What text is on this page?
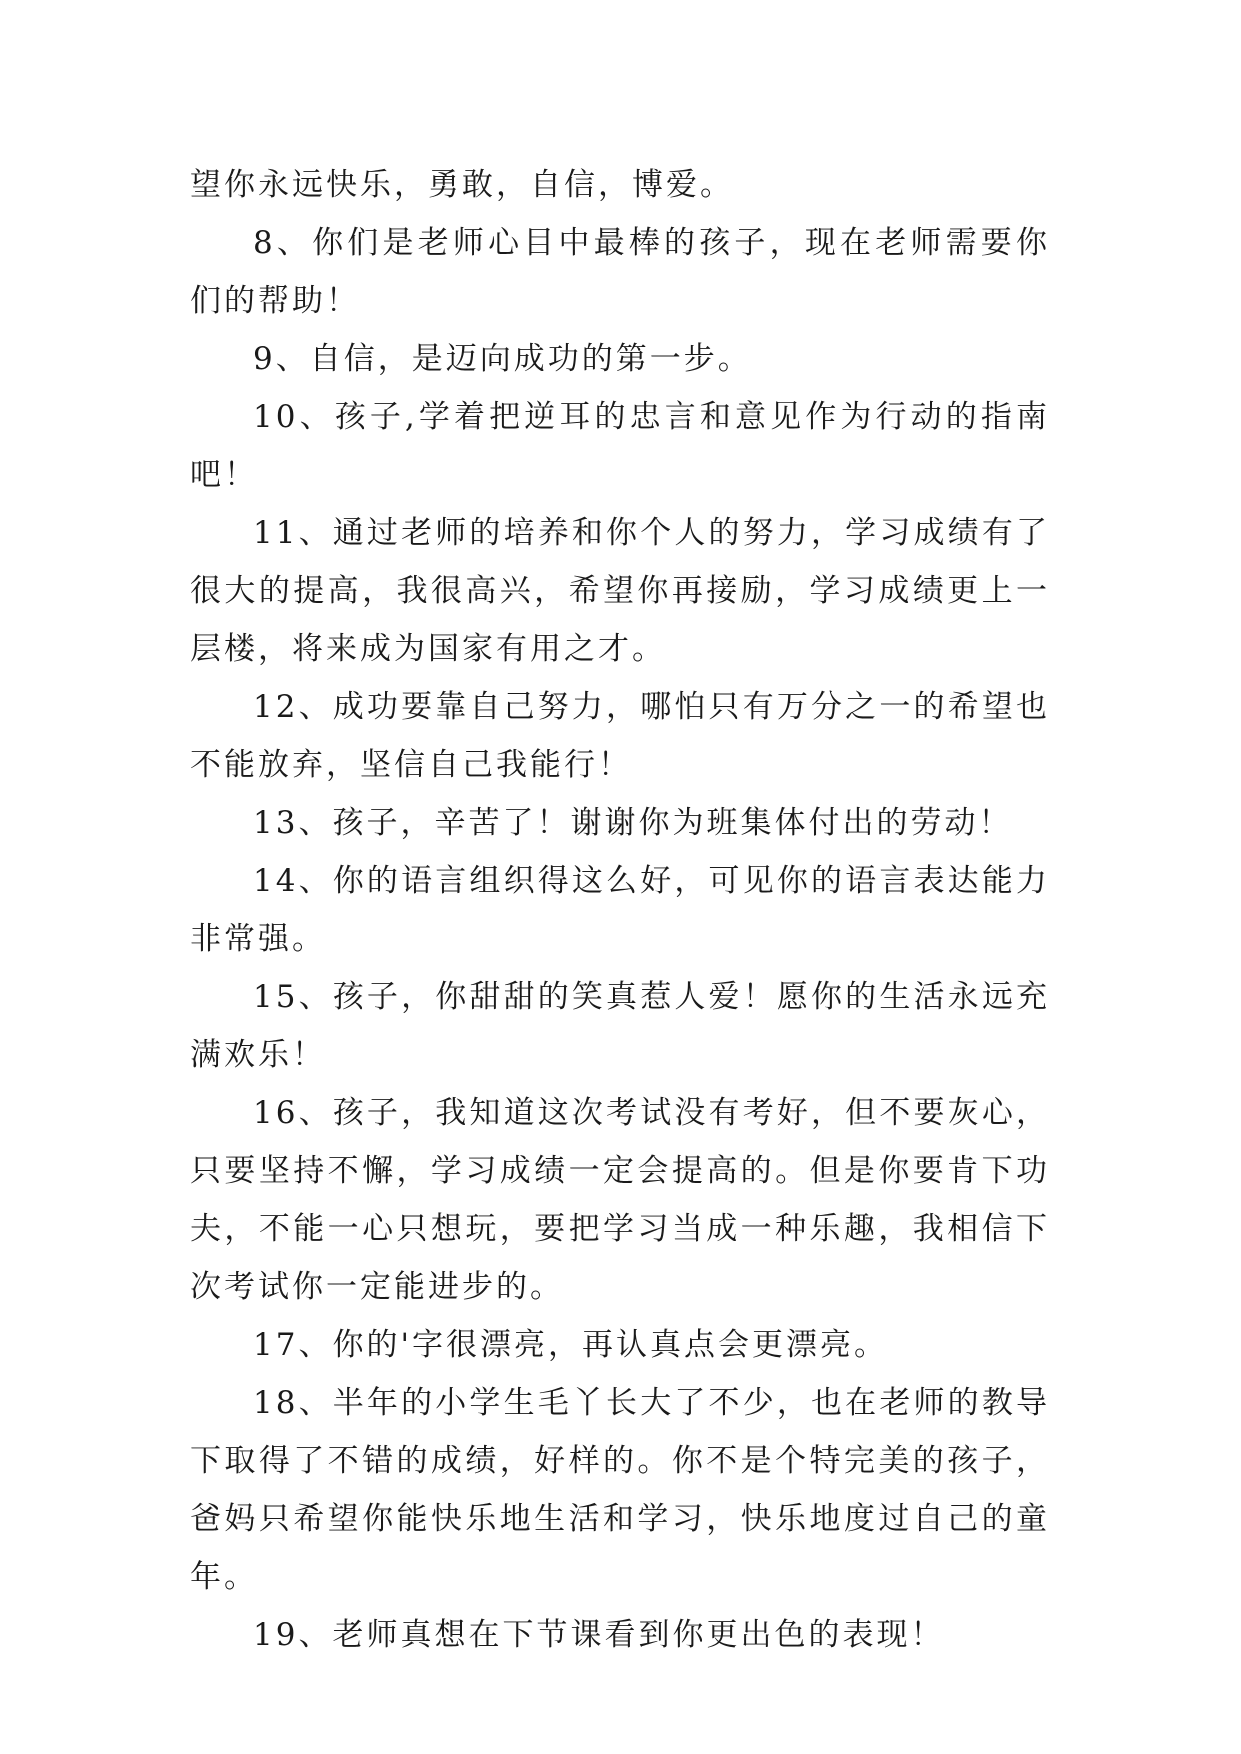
望你永远快乐，勇敢，自信，博爱。

8、你们是老师心目中最棒的孩子，现在老师需要你们的帮助！

9、自信，是迈向成功的第一步。

10、孩子,学着把逆耳的忠言和意见作为行动的指南吧！

11、通过老师的培养和你个人的努力，学习成绩有了很大的提高，我很高兴，希望你再接励，学习成绩更上一层楼，将来成为国家有用之才。

12、成功要靠自己努力，哪怕只有万分之一的希望也不能放弃，坚信自己我能行！

13、孩子，辛苦了！谢谢你为班集体付出的劳动！

14、你的语言组织得这么好，可见你的语言表达能力非常强。

15、孩子，你甜甜的笑真惹人爱！愿你的生活永远充满欢乐！

16、孩子，我知道这次考试没有考好，但不要灰心，只要坚持不懈，学习成绩一定会提高的。但是你要肯下功夫，不能一心只想玩，要把学习当成一种乐趣，我相信下次考试你一定能进步的。

17、你的'字很漂亮，再认真点会更漂亮。

18、半年的小学生毛丫长大了不少，也在老师的教导下取得了不错的成绩，好样的。你不是个特完美的孩子，爸妈只希望你能快乐地生活和学习，快乐地度过自己的童年。

19、老师真想在下节课看到你更出色的表现！
